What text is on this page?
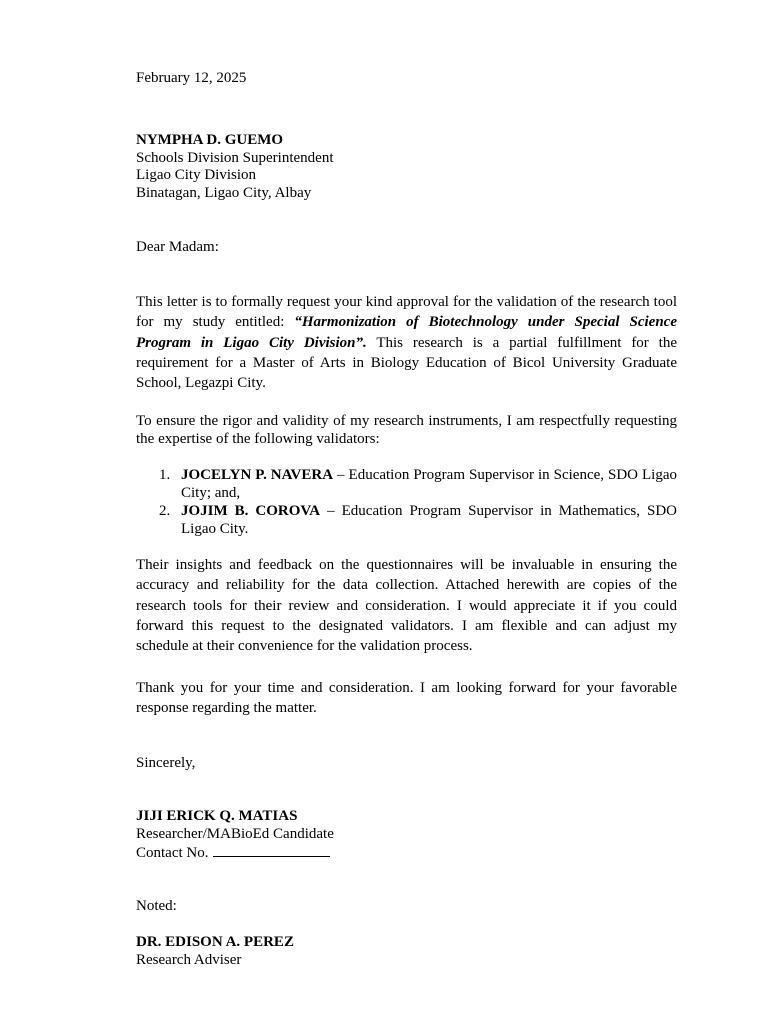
February 12, 2025
NYMPHA D. GUEMO
Schools Division Superintendent
Ligao City Division
Binatagan, Ligao City, Albay
Dear Madam:
This letter is to formally request your kind approval for the validation of the research tool for my study entitled: “Harmonization of Biotechnology under Special Science Program in Ligao City Division”. This research is a partial fulfillment for the requirement for a Master of Arts in Biology Education of Bicol University Graduate School, Legazpi City.
To ensure the rigor and validity of my research instruments, I am respectfully requesting the expertise of the following validators:
1. JOCELYN P. NAVERA – Education Program Supervisor in Science, SDO Ligao City; and,
2. JOJIM B. COROVA – Education Program Supervisor in Mathematics, SDO Ligao City.
Their insights and feedback on the questionnaires will be invaluable in ensuring the accuracy and reliability for the data collection. Attached herewith are copies of the research tools for their review and consideration. I would appreciate it if you could forward this request to the designated validators. I am flexible and can adjust my schedule at their convenience for the validation process.
Thank you for your time and consideration. I am looking forward for your favorable response regarding the matter.
Sincerely,
JIJI ERICK Q. MATIAS
Researcher/MABioEd Candidate
Contact No.
Noted:
DR. EDISON A. PEREZ
Research Adviser
